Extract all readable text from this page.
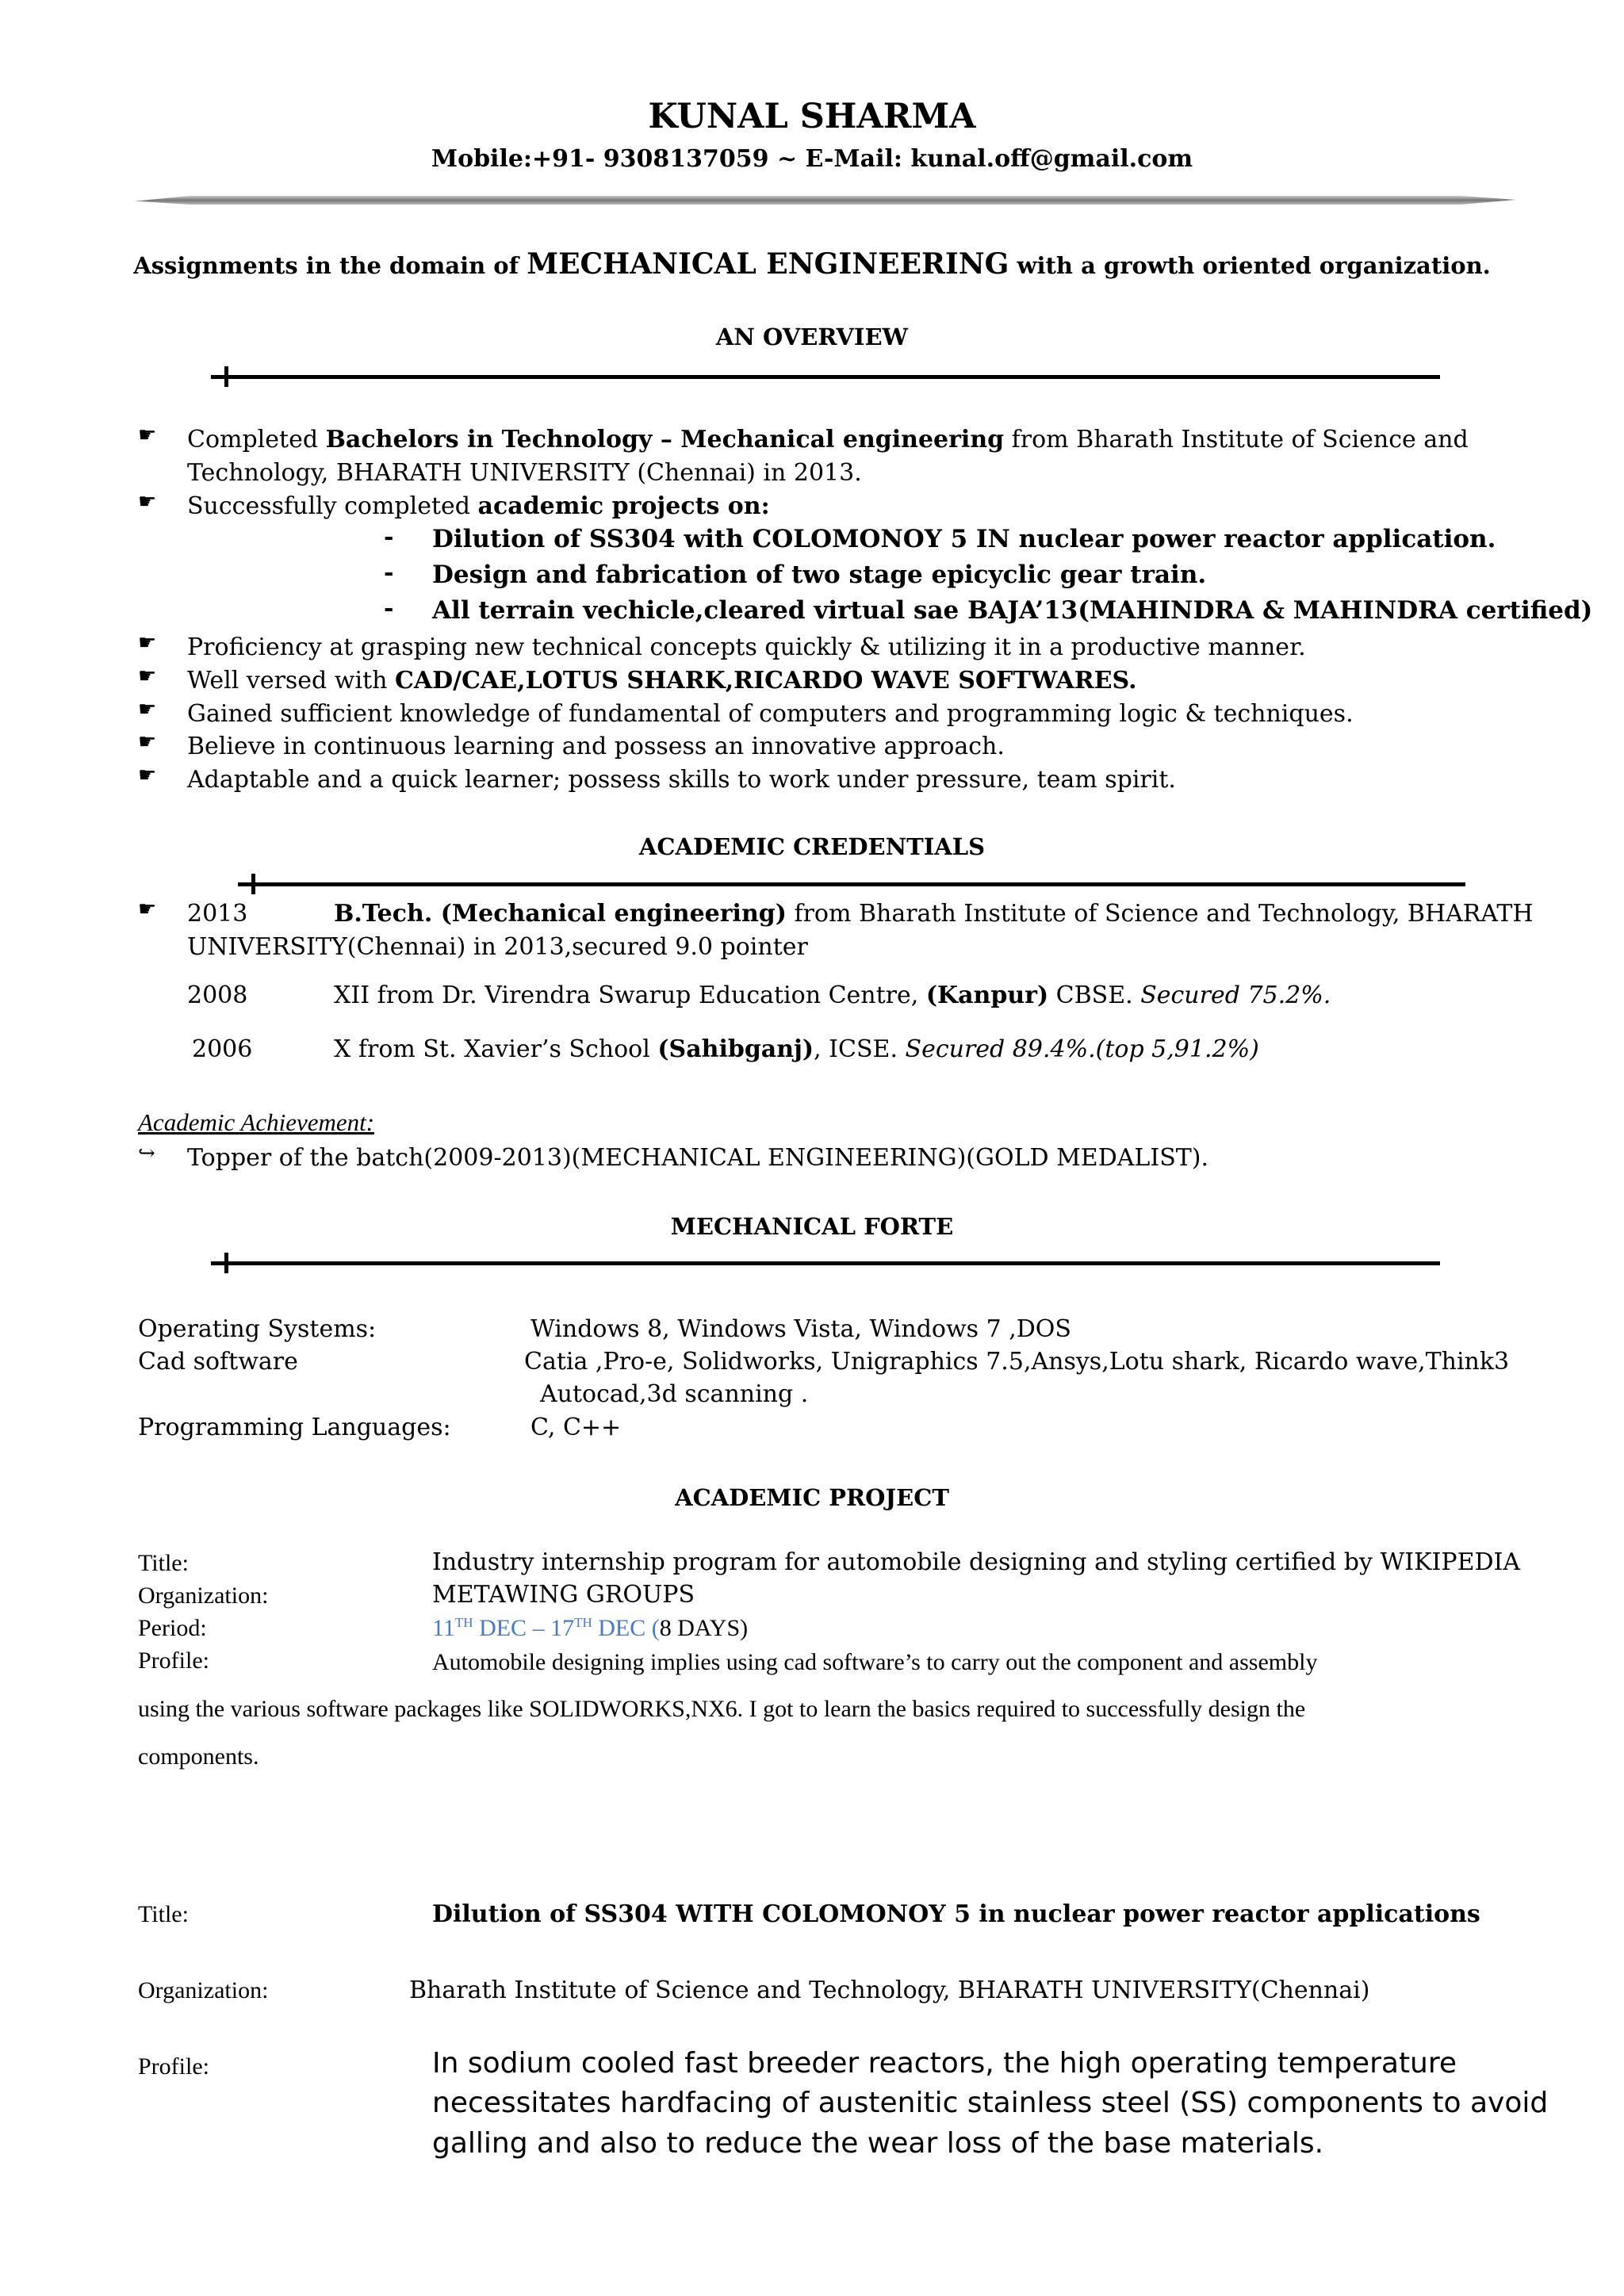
KUNAL SHARMA
Mobile:+91- 9308137059 ~ E-Mail: kunal.off@gmail.com
Assignments in the domain of MECHANICAL ENGINEERING with a growth oriented organization.
AN OVERVIEW
☛ Completed Bachelors in Technology – Mechanical engineering from Bharath Institute of Science and
Technology, BHARATH UNIVERSITY (Chennai) in 2013.
☛ Successfully completed academic projects on:
- Dilution of SS304 with COLOMONOY 5 IN nuclear power reactor application.
- Design and fabrication of two stage epicyclic gear train.
- All terrain vechicle,cleared virtual sae BAJA’13(MAHINDRA & MAHINDRA certified)
☛ Proficiency at grasping new technical concepts quickly & utilizing it in a productive manner.
☛ Well versed with CAD/CAE,LOTUS SHARK,RICARDO WAVE SOFTWARES.
☛ Gained sufficient knowledge of fundamental of computers and programming logic & techniques.
☛ Believe in continuous learning and possess an innovative approach.
☛ Adaptable and a quick learner; possess skills to work under pressure, team spirit.
ACADEMIC CREDENTIALS
☛ 2013	B.Tech. (Mechanical engineering) from Bharath Institute of Science and Technology, BHARATH
UNIVERSITY(Chennai) in 2013,secured 9.0 pointer
2008	XII from Dr. Virendra Swarup Education Centre, (Kanpur) CBSE. Secured 75.2%.
2006	X from St. Xavier’s School (Sahibganj), ICSE. Secured 89.4%.(top 5,91.2%)
Academic Achievement:
↪ Topper of the batch(2009-2013)(MECHANICAL ENGINEERING)(GOLD MEDALIST).
MECHANICAL FORTE
Operating Systems:	Windows 8, Windows Vista, Windows 7 ,DOS
Cad software	Catia ,Pro-e, Solidworks, Unigraphics 7.5,Ansys,Lotu shark, Ricardo wave,Think3
Autocad,3d scanning .
Programming Languages:	C, C++
ACADEMIC PROJECT
Title:	Industry internship program for automobile designing and styling certified by WIKIPEDIA
Organization:	METAWING GROUPS
Period:	11TH DEC – 17TH DEC (8 DAYS)
Profile:	Automobile designing implies using cad software’s to carry out the component and assembly
using the various software packages like SOLIDWORKS,NX6. I got to learn the basics required to successfully design the
components.
Title:	Dilution of SS304 WITH COLOMONOY 5 in nuclear power reactor applications
Organization:	Bharath Institute of Science and Technology, BHARATH UNIVERSITY(Chennai)
Profile:	In sodium cooled fast breeder reactors, the high operating temperature
necessitates hardfacing of austenitic stainless steel (SS) components to avoid
galling and also to reduce the wear loss of the base materials.
